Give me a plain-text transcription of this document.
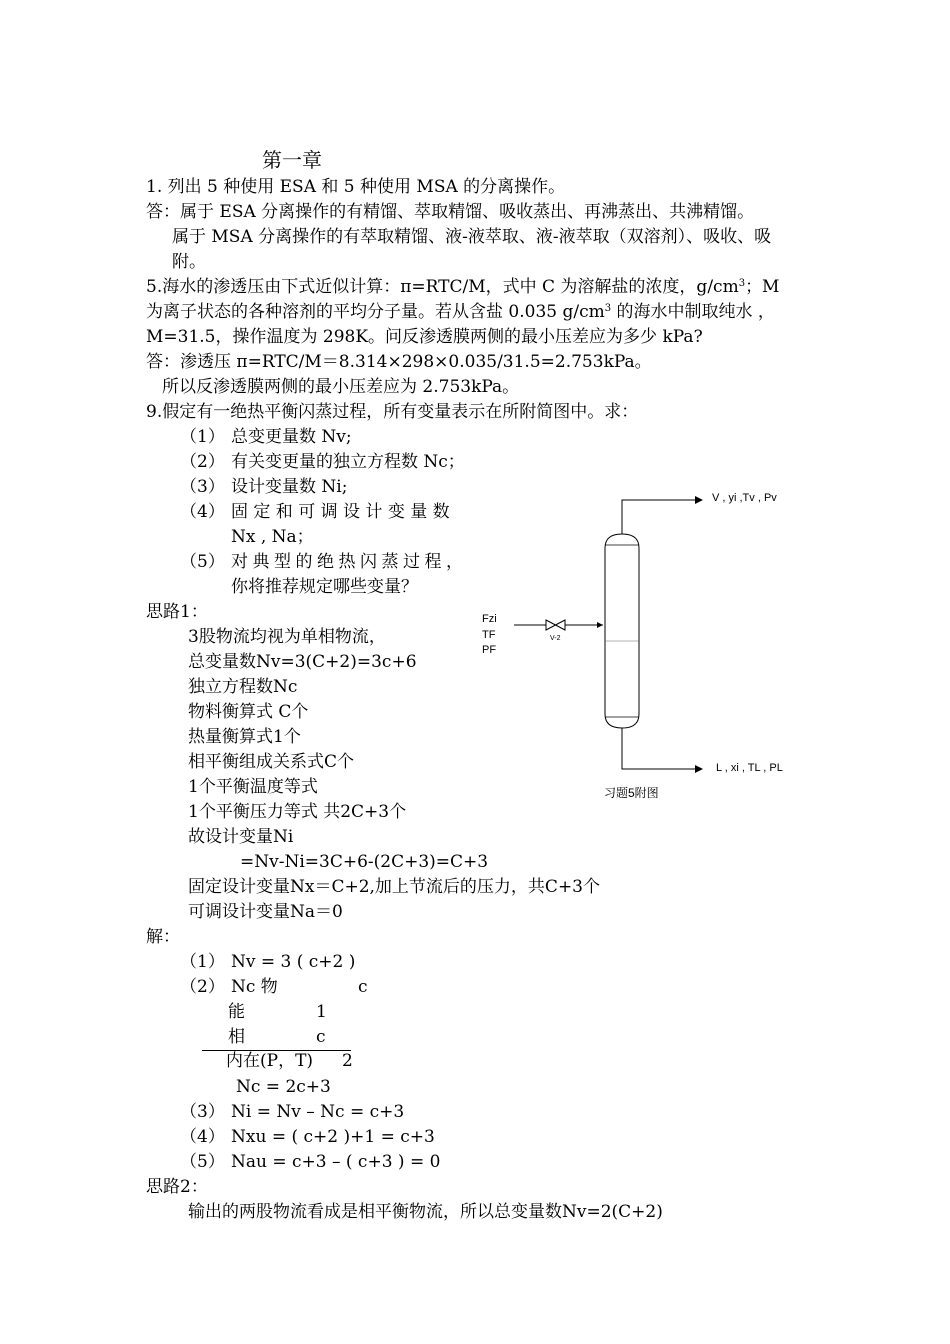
第一章
1. 列出 5 种使用 ESA 和 5 种使用 MSA 的分离操作。
答：属于 ESA 分离操作的有精馏、萃取精馏、吸收蒸出、再沸蒸出、共沸精馏。
属于 MSA 分离操作的有萃取精馏、液-液萃取、液-液萃取（双溶剂）、吸收、吸
附。
5.海水的渗透压由下式近似计算：π=RTC/M，式中 C 为溶解盐的浓度，$g/cm^3$；M
为离子状态的各种溶剂的平均分子量。若从含盐 0.035 $g/cm^3$ 的海水中制取纯水 ，
M=31.5，操作温度为 298K。问反渗透膜两侧的最小压差应为多少 kPa?
答：渗透压 π=RTC/M＝8.314×298×0.035/31.5=2.753kPa。
所以反渗透膜两侧的最小压差应为 2.753kPa。
9.假定有一绝热平衡闪蒸过程，所有变量表示在所附简图中。求：
（1） 总变更量数 Nv;
（2） 有关变更量的独立方程数 Nc；
（3） 设计变量数 Ni;
（4） 固 定 和 可 调 设 计 变 量 数
Nx , Na；
（5） 对典型的绝热闪蒸过程，
你将推荐规定哪些变量？
思路1：
3股物流均视为单相物流，
总变量数Nv=3(C+2)=3c+6
独立方程数Nc
物料衡算式 C个
热量衡算式1个
相平衡组成关系式C个
1个平衡温度等式
1个平衡压力等式 共2C+3个
故设计变量Ni
=Nv-Ni=3C+6-(2C+3)=C+3
固定设计变量Nx＝C+2,加上节流后的压力，共C+3个
可调设计变量Na＝0
解：
（1） Nv = 3 ( c+2 )
（2） Nc 物	c
能	1
相	c
内在(P，T) 2
Nc = 2c+3
（3） Ni = Nv – Nc = c+3
（4） Nxu = ( c+2 )+1 = c+3
（5） Nau = c+3 – ( c+3 ) = 0
思路2：
输出的两股物流看成是相平衡物流，所以总变量数Nv=2(C+2)
V , yi ,Tv , Pv
L , xi , TL , PL
Fzi
TF
PF
V-2
习题5附图
